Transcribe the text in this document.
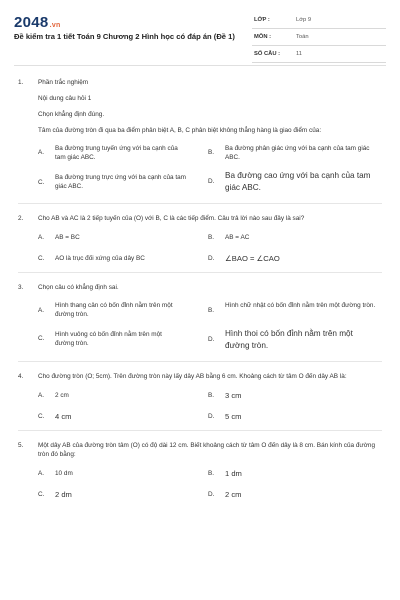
2048.vn
Đề kiểm tra 1 tiết Toán 9 Chương 2 Hình học có đáp án (Đề 1)
LỚP :	Lớp 9
MÔN :	Toán
SỐ CÂU :	11
1.	Phần trắc nghiệm
Nội dung câu hỏi 1
Chọn khẳng định đúng.
Tâm của đường tròn đi qua ba điểm phân biệt A, B, C phân biệt không thẳng hàng là giao điểm của:
A.
Ba đường trung tuyến ứng với ba cạnh của tam giác ABC.
B.
Ba đường phân giác ứng với ba cạnh của tam giác ABC.
C.
Ba đường trung trực ứng với ba cạnh của tam giác ABC.
D.
Ba đường cao ứng với ba cạnh của tam giác ABC.
2.	Cho AB và AC là 2 tiếp tuyến của (O) với B, C là các tiếp điểm. Câu trả lời nào sau đây là sai?
A. AB = BC	B. AB = AC
C. AO là trục đối xứng của dây BC	D. ∠BAO = ∠CAO
3.	Chọn câu có khẳng định sai.
A.
Hình thang cân có bốn đỉnh nằm trên một đường tròn.
B.
Hình chữ nhật có bốn đỉnh nằm trên một đường tròn.
C.
Hình vuông có bốn đỉnh nằm trên một đường tròn.
D.
Hình thoi có bốn đỉnh nằm trên một đường tròn.
4.	Cho đường tròn (O; 5cm). Trên đường tròn này lấy dây AB bằng 6 cm. Khoảng cách từ tâm O đến dây AB là:
A. 2 cm	B. 3 cm
C. 4 cm	D. 5 cm
5.	Một dây AB của đường tròn tâm (O) có độ dài 12 cm. Biết khoảng cách từ tâm O đến dây là 8 cm. Bán kính của đường tròn đó bằng:
A. 10 dm	B. 1 dm
C. 2 dm	D. 2 cm
